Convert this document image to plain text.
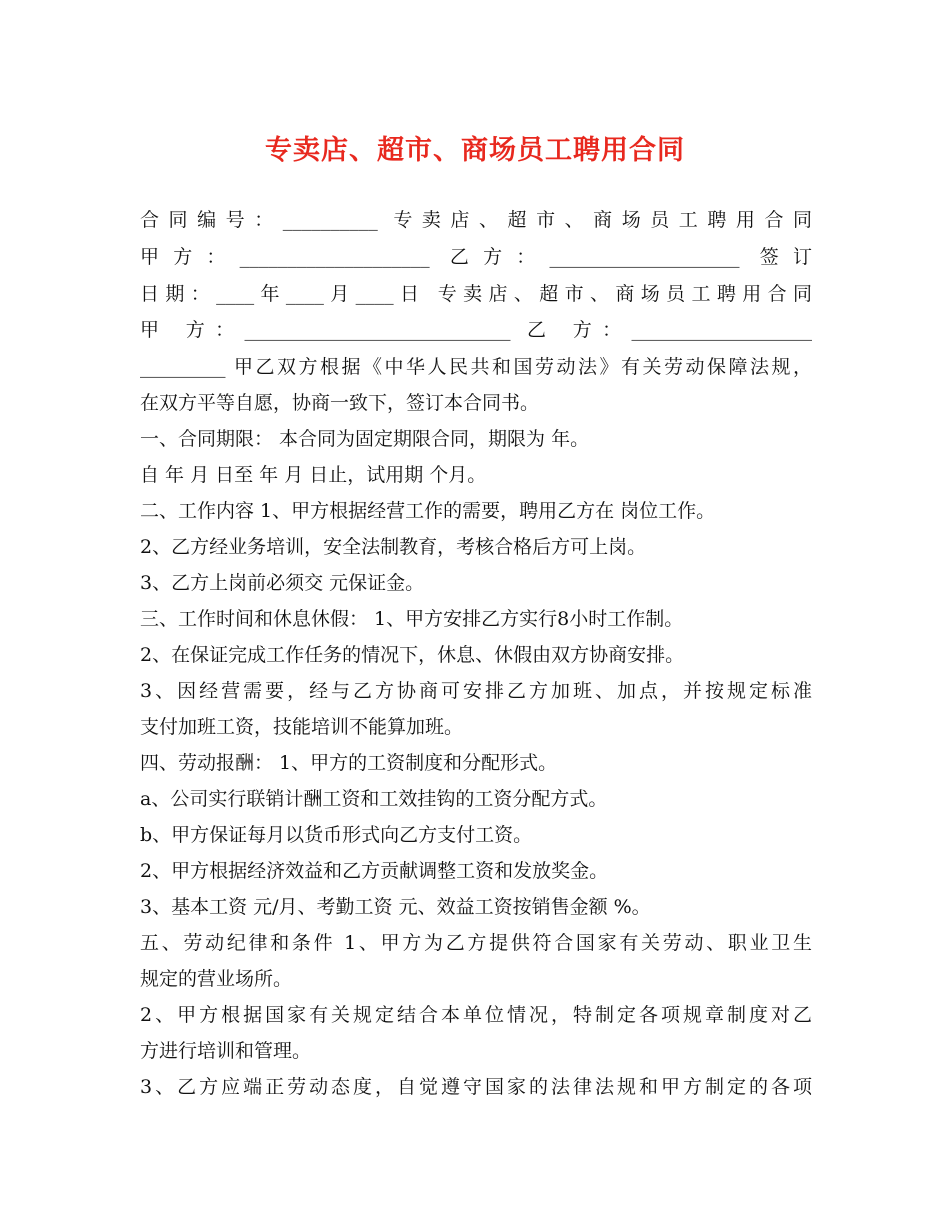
专卖店、超市、商场员工聘用合同
合同编号：__________ 专卖店、超市、商场员工聘用合同
甲方：____________________ 乙方：____________________ 签订
日期：____年____月____日 专卖店、超市、商场员工聘用合同
甲 方：____________________________ 乙 方：___________________
_________ 甲乙双方根据《中华人民共和国劳动法》有关劳动保障法规，
在双方平等自愿，协商一致下，签订本合同书。
一、合同期限： 本合同为固定期限合同，期限为 年。
自 年 月 日至 年 月 日止，试用期 个月。
二、工作内容 1、甲方根据经营工作的需要，聘用乙方在 岗位工作。
2、乙方经业务培训，安全法制教育，考核合格后方可上岗。
3、乙方上岗前必须交 元保证金。
三、工作时间和休息休假： 1、甲方安排乙方实行8小时工作制。
2、在保证完成工作任务的情况下，休息、休假由双方协商安排。
3、因经营需要，经与乙方协商可安排乙方加班、加点，并按规定标准
支付加班工资，技能培训不能算加班。
四、劳动报酬： 1、甲方的工资制度和分配形式。
a、公司实行联销计酬工资和工效挂钩的工资分配方式。
b、甲方保证每月以货币形式向乙方支付工资。
2、甲方根据经济效益和乙方贡献调整工资和发放奖金。
3、基本工资 元/月、考勤工资 元、效益工资按销售金额 %。
五、劳动纪律和条件 1、甲方为乙方提供符合国家有关劳动、职业卫生
规定的营业场所。
2、甲方根据国家有关规定结合本单位情况，特制定各项规章制度对乙
方进行培训和管理。
3、乙方应端正劳动态度，自觉遵守国家的法律法规和甲方制定的各项
